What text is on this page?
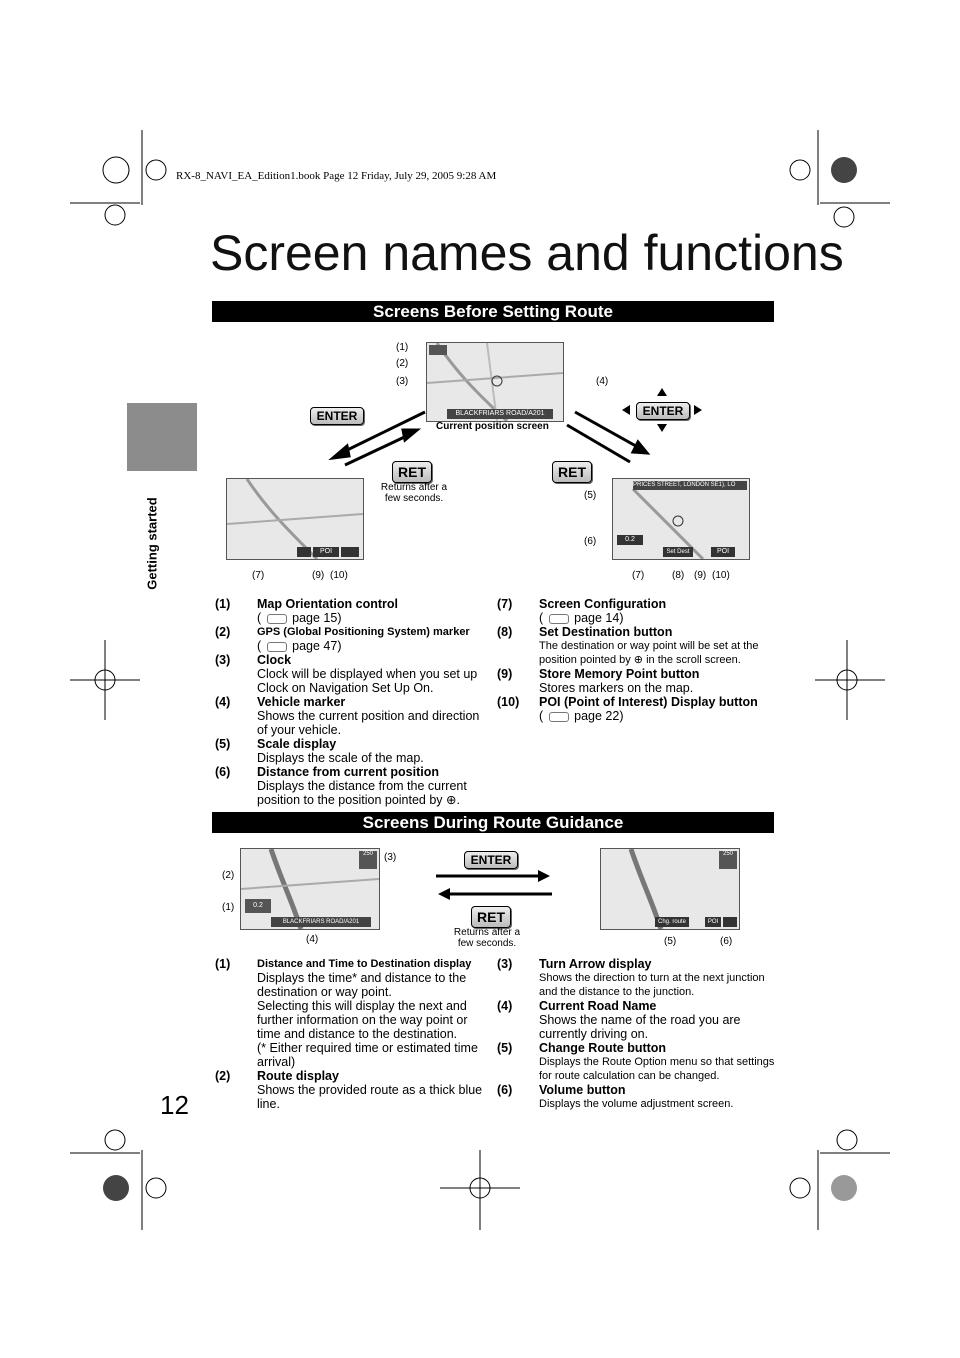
RX-8_NAVI_EA_Edition1.book Page 12 Friday, July 29, 2005 9:28 AM
Getting started
12
Screen names and functions
Screens Before Setting Route
BLACKFRIARS ROAD/A201
Current position screen
(1)
(2)
(3)	(4)
ENTER	ENTER
RET	RET
Returns after a few seconds.
POI
(7)	(9) (10)
PRICES STREET, LONDON SE1), LO
0.2
Set Dest	POI
(5)
(6)
(7)	(8) (9) (10)
(1) Map Orientation control
(  page 15)
(2) GPS (Global Positioning System) marker
(  page 47)
(3) Clock
Clock will be displayed when you set up Clock on Navigation Set Up On.
(4) Vehicle marker
Shows the current position and direction of your vehicle.
(5) Scale display
Displays the scale of the map.
(6) Distance from current position
Displays the distance from the current position to the position pointed by ⊕.
(7) Screen Configuration
(  page 14)
(8) Set Destination button
The destination or way point will be set at the
position pointed by ⊕ in the scroll screen.
(9) Store Memory Point button
Stores markers on the map.
(10) POI (Point of Interest) Display button
(  page 22)
Screens During Route Guidance
250
0.2
BLACKFRIARS ROAD/A201
(3)
(2)
(1)
(4)
ENTER
RET
Returns after a few seconds.
250
Chg. route	POI
(5)	(6)
(1) Distance and Time to Destination display
Displays the time* and distance to the destination or way point.
Selecting this will display the next and further information on the way point or time and distance to the destination.
(* Either required time or estimated time arrival)
(2) Route display
Shows the provided route as a thick blue line.
(3) Turn Arrow display
Shows the direction to turn at the next junction and the distance to the junction.
(4) Current Road Name
Shows the name of the road you are currently driving on.
(5) Change Route button
Displays the Route Option menu so that settings for route calculation can be changed.
(6) Volume button
Displays the volume adjustment screen.
